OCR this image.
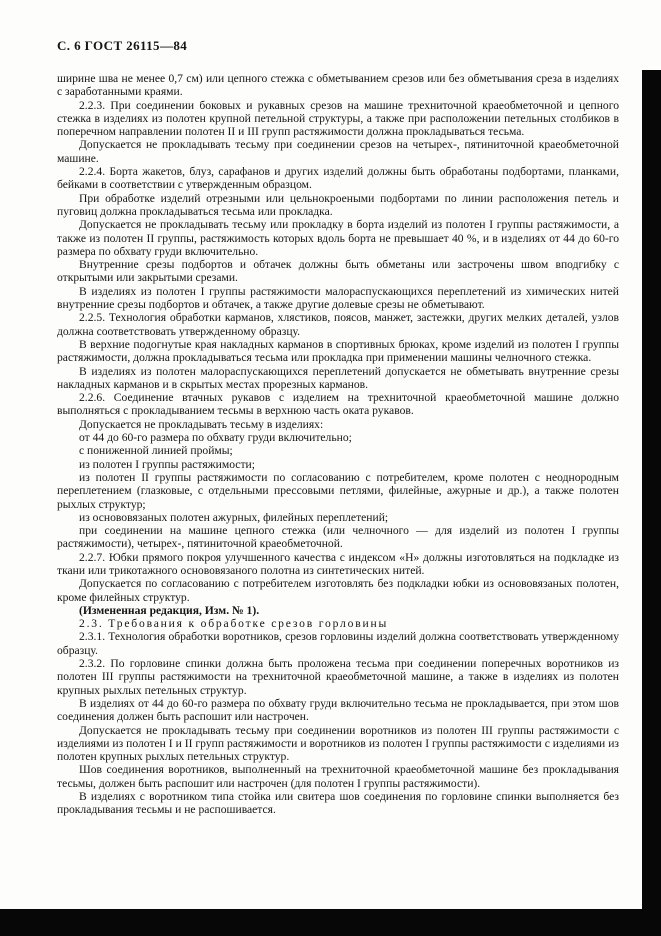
С. 6 ГОСТ 26115—84
ширине шва не менее 0,7 см) или цепного стежка с обметыванием срезов или без обметывания среза в изделиях с заработанными краями.
2.2.3. При соединении боковых и рукавных срезов на машине трехниточной краеобметочной и цепного стежка в изделиях из полотен крупной петельной структуры, а также при расположении петельных столбиков в поперечном направлении полотен II и III групп растяжимости должна прокладываться тесьма.
Допускается не прокладывать тесьму при соединении срезов на четырех-, пятиниточной краеобметочной машине.
2.2.4. Борта жакетов, блуз, сарафанов и других изделий должны быть обработаны подбортами, планками, бейками в соответствии с утвержденным образцом.
При обработке изделий отрезными или цельнокроеными подбортами по линии расположения петель и пуговиц должна прокладываться тесьма или прокладка.
Допускается не прокладывать тесьму или прокладку в борта изделий из полотен I группы растяжимости, а также из полотен II группы, растяжимость которых вдоль борта не превышает 40 %, и в изделиях от 44 до 60-го размера по обхвату груди включительно.
Внутренние срезы подбортов и обтачек должны быть обметаны или застрочены швом вподгибку с открытыми или закрытыми срезами.
В изделиях из полотен I группы растяжимости малораспускающихся переплетений из химических нитей внутренние срезы подбортов и обтачек, а также другие долевые срезы не обметывают.
2.2.5. Технология обработки карманов, хлястиков, поясов, манжет, застежки, других мелких деталей, узлов должна соответствовать утвержденному образцу.
В верхние подогнутые края накладных карманов в спортивных брюках, кроме изделий из полотен I группы растяжимости, должна прокладываться тесьма или прокладка при применении машины челночного стежка.
В изделиях из полотен малораспускающихся переплетений допускается не обметывать внутренние срезы накладных карманов и в скрытых местах прорезных карманов.
2.2.6. Соединение втачных рукавов с изделием на трехниточной краеобметочной машине должно выполняться с прокладыванием тесьмы в верхнюю часть оката рукавов.
Допускается не прокладывать тесьму в изделиях:
от 44 до 60-го размера по обхвату груди включительно;
с пониженной линией проймы;
из полотен I группы растяжимости;
из полотен II группы растяжимости по согласованию с потребителем, кроме полотен с неоднородным переплетением (глазковые, с отдельными прессовыми петлями, филейные, ажурные и др.), а также полотен рыхлых структур;
из основовязаных полотен ажурных, филейных переплетений;
при соединении на машине цепного стежка (или челночного — для изделий из полотен I группы растяжимости), четырех-, пятиниточной краеобметочной.
2.2.7. Юбки прямого покроя улучшенного качества с индексом «Н» должны изготовляться на подкладке из ткани или трикотажного основовязаного полотна из синтетических нитей.
Допускается по согласованию с потребителем изготовлять без подкладки юбки из основовязаных полотен, кроме филейных структур.
(Измененная редакция, Изм. № 1).
2.3. Требования к обработке срезов горловины
2.3.1. Технология обработки воротников, срезов горловины изделий должна соответствовать утвержденному образцу.
2.3.2. По горловине спинки должна быть проложена тесьма при соединении поперечных воротников из полотен III группы растяжимости на трехниточной краеобметочной машине, а также в изделиях из полотен крупных рыхлых петельных структур.
В изделиях от 44 до 60-го размера по обхвату груди включительно тесьма не прокладывается, при этом шов соединения должен быть распошит или настрочен.
Допускается не прокладывать тесьму при соединении воротников из полотен III группы растяжимости с изделиями из полотен I и II групп растяжимости и воротников из полотен I группы растяжимости с изделиями из полотен крупных рыхлых петельных структур.
Шов соединения воротников, выполненный на трехниточной краеобметочной машине без прокладывания тесьмы, должен быть распошит или настрочен (для полотен I группы растяжимости).
В изделиях с воротником типа стойка или свитера шов соединения по горловине спинки выполняется без прокладывания тесьмы и не распошивается.
